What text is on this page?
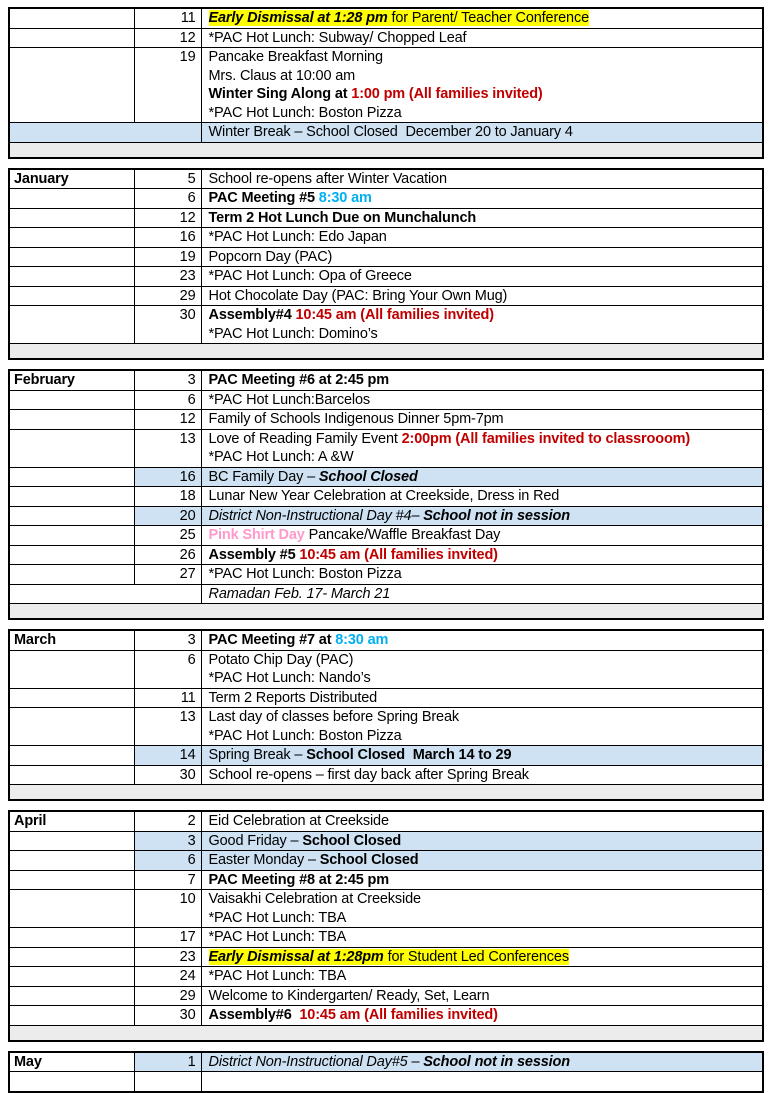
	11	Early Dismissal at 1:28 pm for Parent/ Teacher Conference

	12	*PAC Hot Lunch: Subway/ Chopped Leaf

	19	Pancake Breakfast Morning
Mrs. Claus at 10:00 am
Winter Sing Along at 1:00 pm (All families invited)
*PAC Hot Lunch: Boston Pizza

		Winter Break – School Closed  December 20 to January 4

January	5	School re-opens after Winter Vacation

	6	PAC Meeting #5 8:30 am

	12	Term 2 Hot Lunch Due on Munchalunch

	16	*PAC Hot Lunch: Edo Japan

	19	Popcorn Day (PAC)

	23	*PAC Hot Lunch: Opa of Greece

	29	Hot Chocolate Day (PAC: Bring Your Own Mug)

	30	Assembly#4 10:45 am (All families invited)
*PAC Hot Lunch: Domino’s

February	3	PAC Meeting #6 at 2:45 pm

	6	*PAC Hot Lunch:Barcelos

	12	Family of Schools Indigenous Dinner 5pm-7pm

	13	Love of Reading Family Event 2:00pm (All families invited to classrooom)
*PAC Hot Lunch: A &W

	16	BC Family Day – School Closed

	18	Lunar New Year Celebration at Creekside, Dress in Red

	20	District Non-Instructional Day #4– School not in session

	25	Pink Shirt Day Pancake/Waffle Breakfast Day

	26	Assembly #5 10:45 am (All families invited)

	27	*PAC Hot Lunch: Boston Pizza

		Ramadan Feb. 17- March 21

March	3	PAC Meeting #7 at 8:30 am

	6	Potato Chip Day (PAC)
*PAC Hot Lunch: Nando’s

	11	Term 2 Reports Distributed

	13	Last day of classes before Spring Break
*PAC Hot Lunch: Boston Pizza

	14	Spring Break – School Closed  March 14 to 29

	30	School re-opens – first day back after Spring Break

April	2	Eid Celebration at Creekside

	3	Good Friday – School Closed

	6	Easter Monday – School Closed

	7	PAC Meeting #8 at 2:45 pm

	10	Vaisakhi Celebration at Creekside
*PAC Hot Lunch: TBA

	17	*PAC Hot Lunch: TBA

	23	Early Dismissal at 1:28pm for Student Led Conferences

	24	*PAC Hot Lunch: TBA

	29	Welcome to Kindergarten/ Ready, Set, Learn

	30	Assembly#6  10:45 am (All families invited)

May	1	District Non-Instructional Day#5 – School not in session
